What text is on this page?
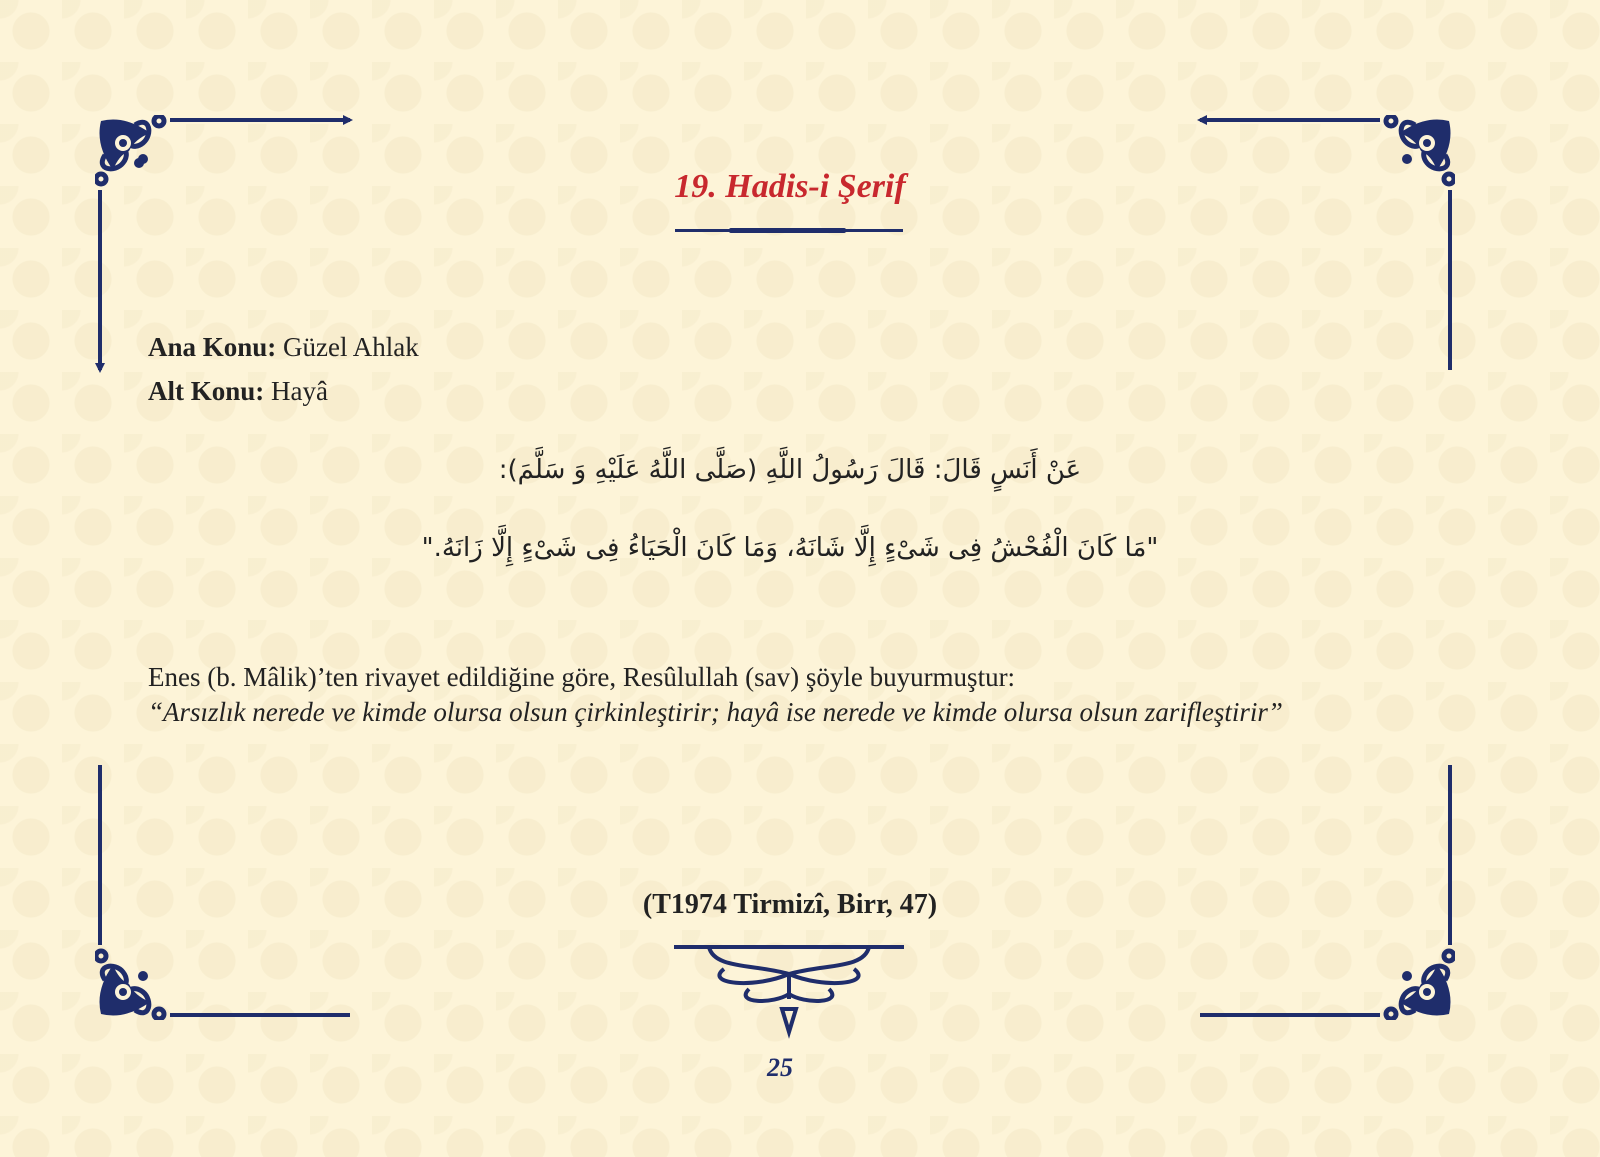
19. Hadis-i Şerif
Ana Konu: Güzel Ahlak
Alt Konu: Hayâ
عَنْ أَنَسٍ قَالَ: قَالَ رَسُولُ اللَّهِ (صَلَّى اللَّهُ عَلَيْهِ وَ سَلَّمَ):
"مَا كَانَ الْفُحْشُ فِى شَىْءٍ إِلَّا شَانَهُ، وَمَا كَانَ الْحَيَاءُ فِى شَىْءٍ إِلَّا زَانَهُ."
Enes (b. Mâlik)’ten rivayet edildiğine göre, Resûlullah (sav) şöyle buyurmuştur:
“Arsızlık nerede ve kimde olursa olsun çirkinleştirir; hayâ ise nerede ve kimde olursa olsun zarifleştirir”
(T1974 Tirmizî, Birr, 47)
25
